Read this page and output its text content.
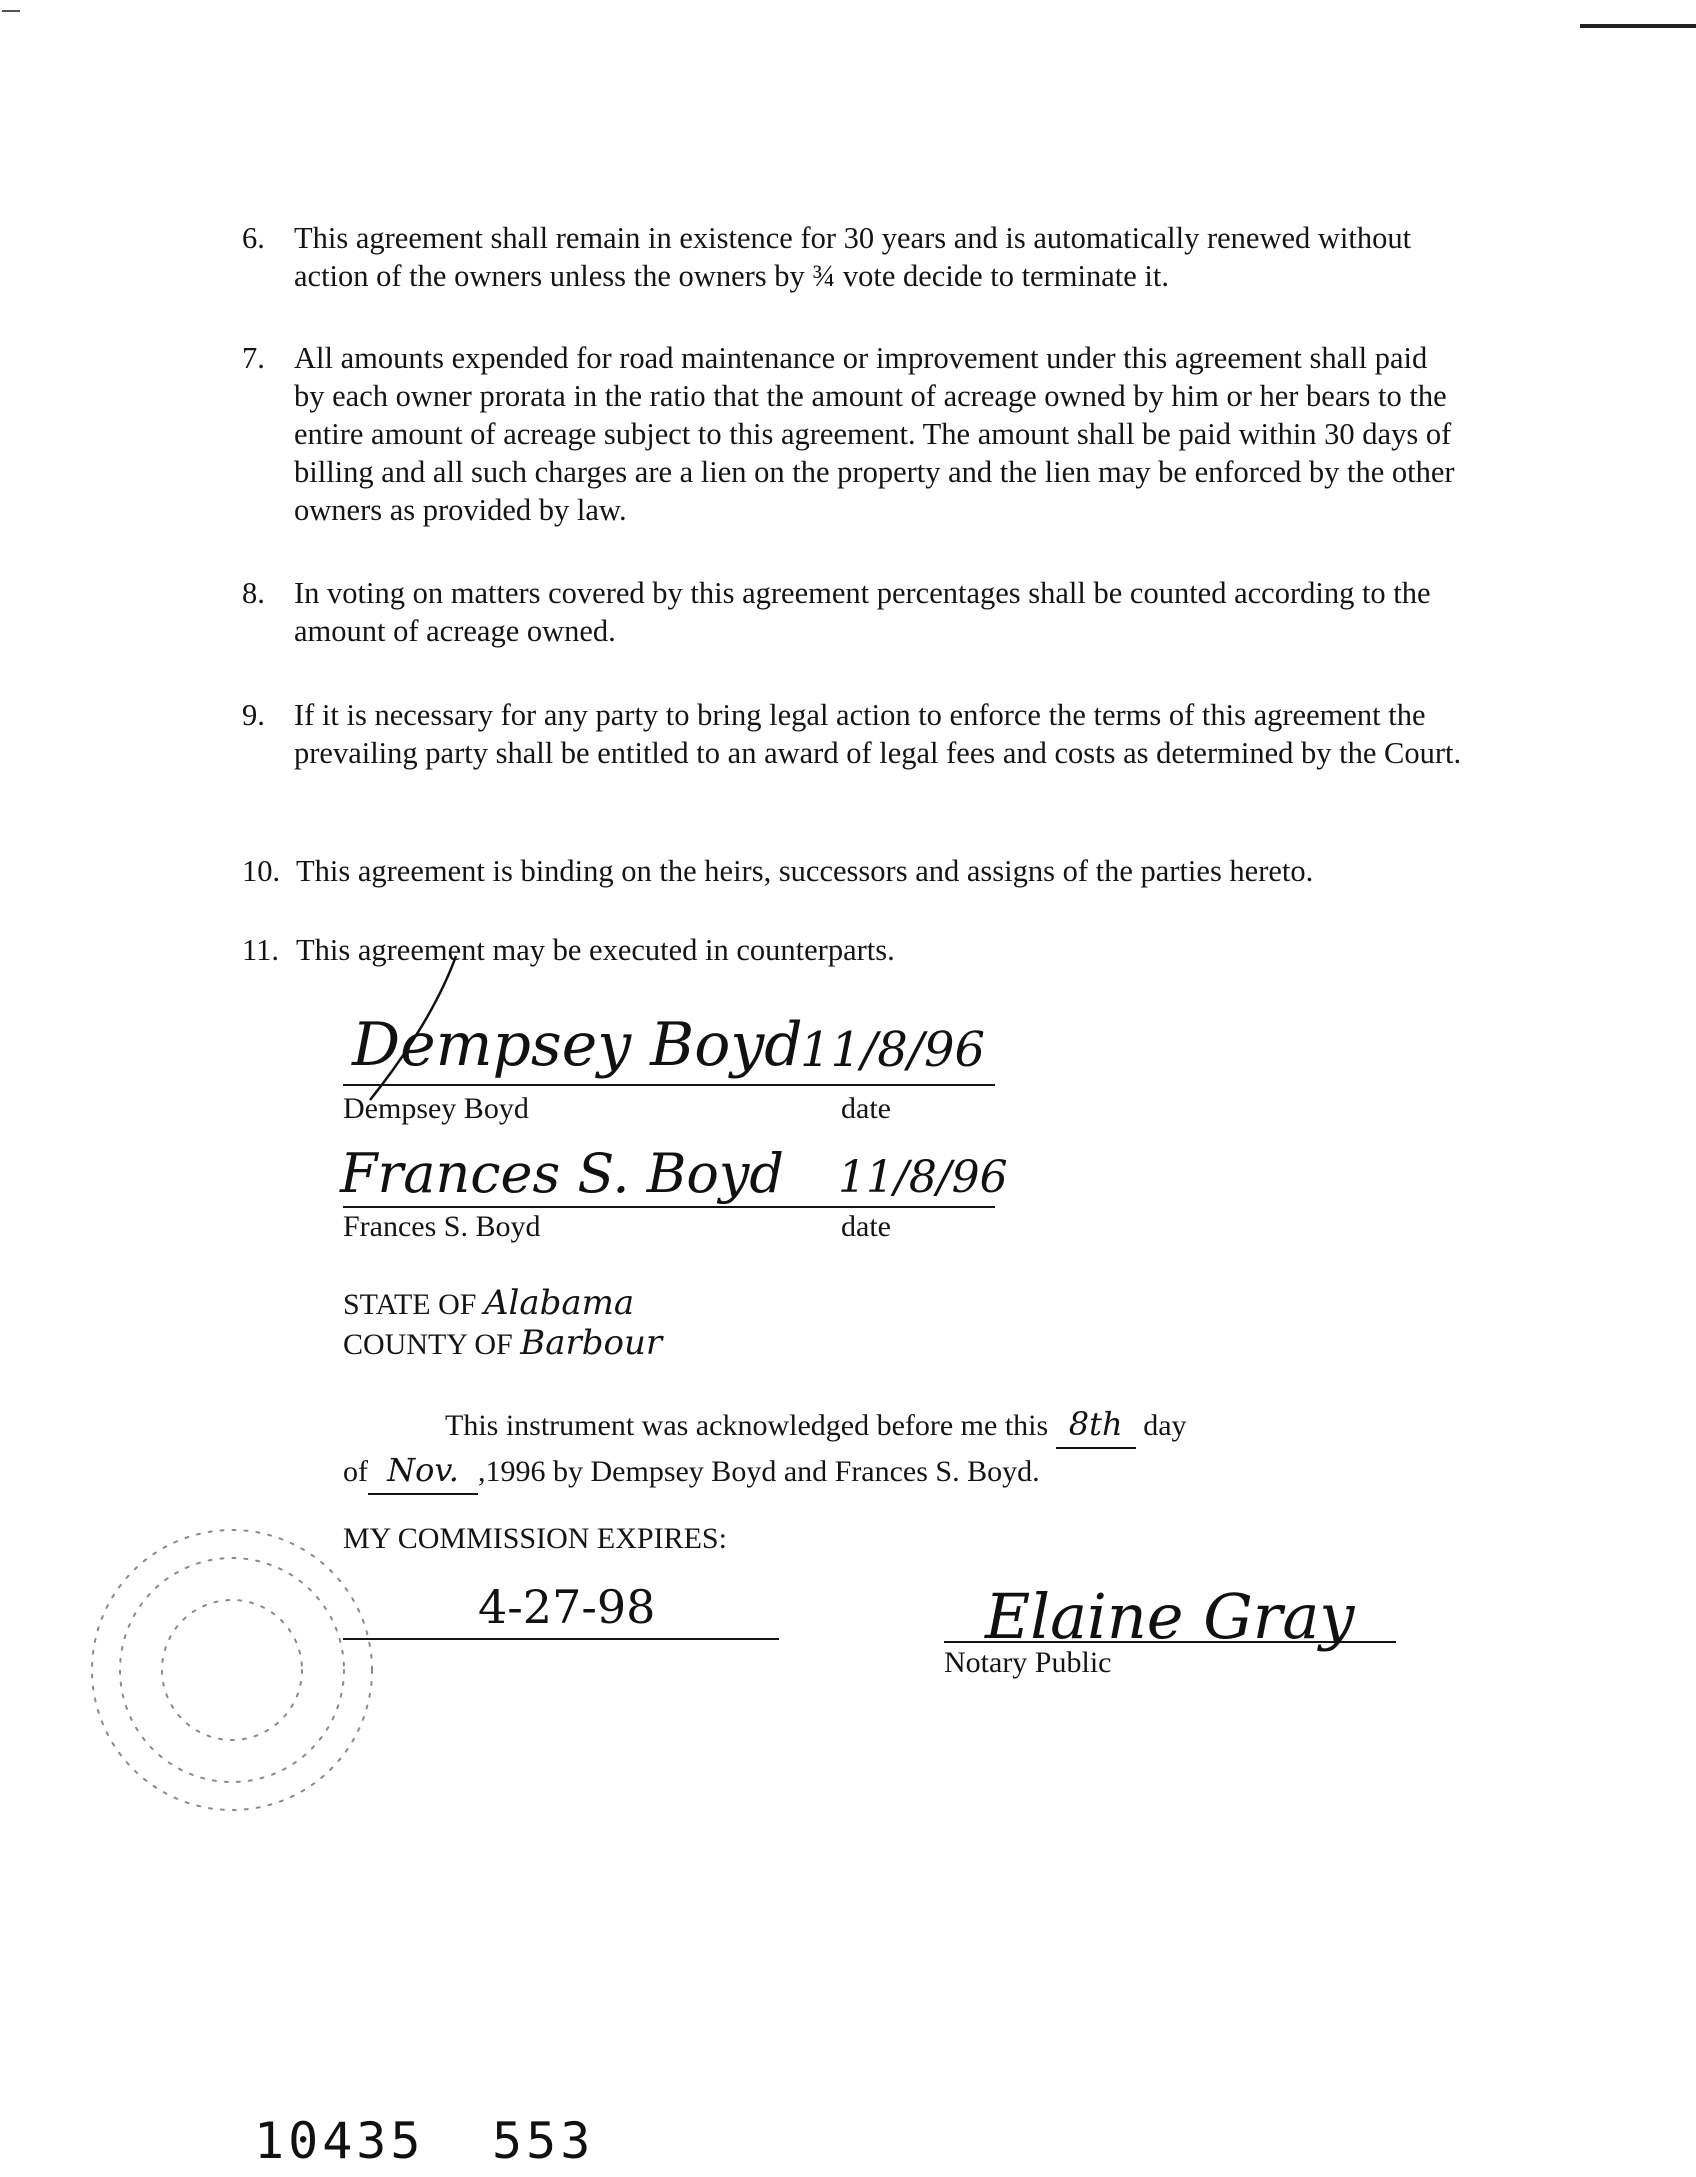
6. This agreement shall remain in existence for 30 years and is automatically renewed without action of the owners unless the owners by ¾ vote decide to terminate it.
7. All amounts expended for road maintenance or improvement under this agreement shall paid by each owner prorata in the ratio that the amount of acreage owned by him or her bears to the entire amount of acreage subject to this agreement. The amount shall be paid within 30 days of billing and all such charges are a lien on the property and the lien may be enforced by the other owners as provided by law.
8. In voting on matters covered by this agreement percentages shall be counted according to the amount of acreage owned.
9. If it is necessary for any party to bring legal action to enforce the terms of this agreement the prevailing party shall be entitled to an award of legal fees and costs as determined by the Court.
10. This agreement is binding on the heirs, successors and assigns of the parties hereto.
11. This agreement may be executed in counterparts.
Dempsey Boyd
11/8/96
Dempsey Boyd	date
Frances S. Boyd 11/8/96
Frances S. Boyd	date
STATE OF Alabama
COUNTY OF Barbour
This instrument was acknowledged before me this 8th day
of Nov. ,1996 by Dempsey Boyd and Frances S. Boyd.
MY COMMISSION EXPIRES:
4-27-98	Elaine Gray
Notary Public
10435 553
